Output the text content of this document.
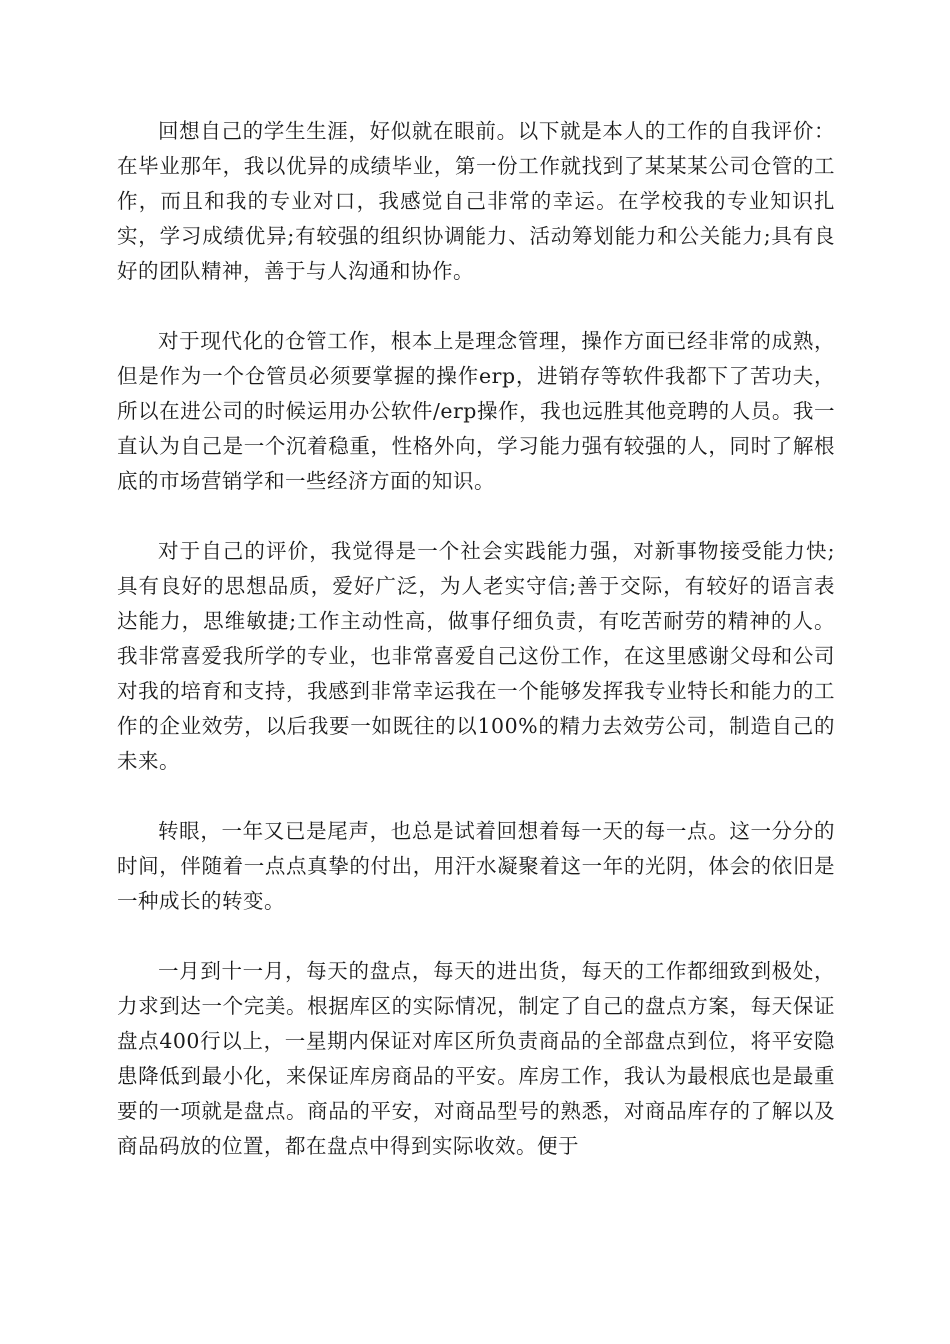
回想自己的学生生涯，好似就在眼前。以下就是本人的工作的自我评价：在毕业那年，我以优异的成绩毕业，第一份工作就找到了某某某公司仓管的工作，而且和我的专业对口，我感觉自己非常的幸运。在学校我的专业知识扎实，学习成绩优异;有较强的组织协调能力、活动筹划能力和公关能力;具有良好的团队精神，善于与人沟通和协作。

对于现代化的仓管工作，根本上是理念管理，操作方面已经非常的成熟，但是作为一个仓管员必须要掌握的操作erp，进销存等软件我都下了苦功夫，所以在进公司的时候运用办公软件/erp操作，我也远胜其他竞聘的人员。我一直认为自己是一个沉着稳重，性格外向，学习能力强有较强的人，同时了解根底的市场营销学和一些经济方面的知识。

对于自己的评价，我觉得是一个社会实践能力强，对新事物接受能力快;具有良好的思想品质，爱好广泛，为人老实守信;善于交际，有较好的语言表达能力，思维敏捷;工作主动性高，做事仔细负责，有吃苦耐劳的精神的人。我非常喜爱我所学的专业，也非常喜爱自己这份工作，在这里感谢父母和公司对我的培育和支持，我感到非常幸运我在一个能够发挥我专业特长和能力的工作的企业效劳，以后我要一如既往的以100%的精力去效劳公司，制造自己的未来。

转眼，一年又已是尾声，也总是试着回想着每一天的每一点。这一分分的时间，伴随着一点点真挚的付出，用汗水凝聚着这一年的光阴，体会的依旧是一种成长的转变。

一月到十一月，每天的盘点，每天的进出货，每天的工作都细致到极处，力求到达一个完美。根据库区的实际情况，制定了自己的盘点方案，每天保证盘点400行以上，一星期内保证对库区所负责商品的全部盘点到位，将平安隐患降低到最小化，来保证库房商品的平安。库房工作，我认为最根底也是最重要的一项就是盘点。商品的平安，对商品型号的熟悉，对商品库存的了解以及商品码放的位置，都在盘点中得到实际收效。便于
